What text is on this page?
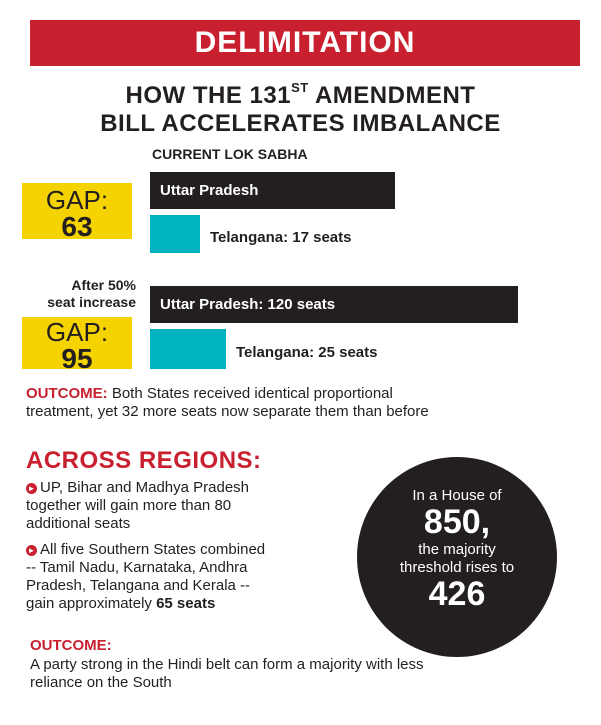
DELIMITATION
HOW THE 131ST AMENDMENT
BILL ACCELERATES IMBALANCE
CURRENT LOK SABHA
GAP:
63
Uttar Pradesh
Telangana: 17 seats
After 50%
seat increase
GAP:
95
Uttar Pradesh: 120 seats
Telangana: 25 seats
OUTCOME: Both States received identical proportional
treatment, yet 32 more seats now separate them than before
ACROSS REGIONS:
► UP, Bihar and Madhya Pradesh
together will gain more than 80
additional seats
► All five Southern States combined
-- Tamil Nadu, Karnataka, Andhra
Pradesh, Telangana and Kerala --
gain approximately 65 seats
In a House of
850,
the majority
threshold rises to
426
OUTCOME:
A party strong in the Hindi belt can form a majority with less
reliance on the South
